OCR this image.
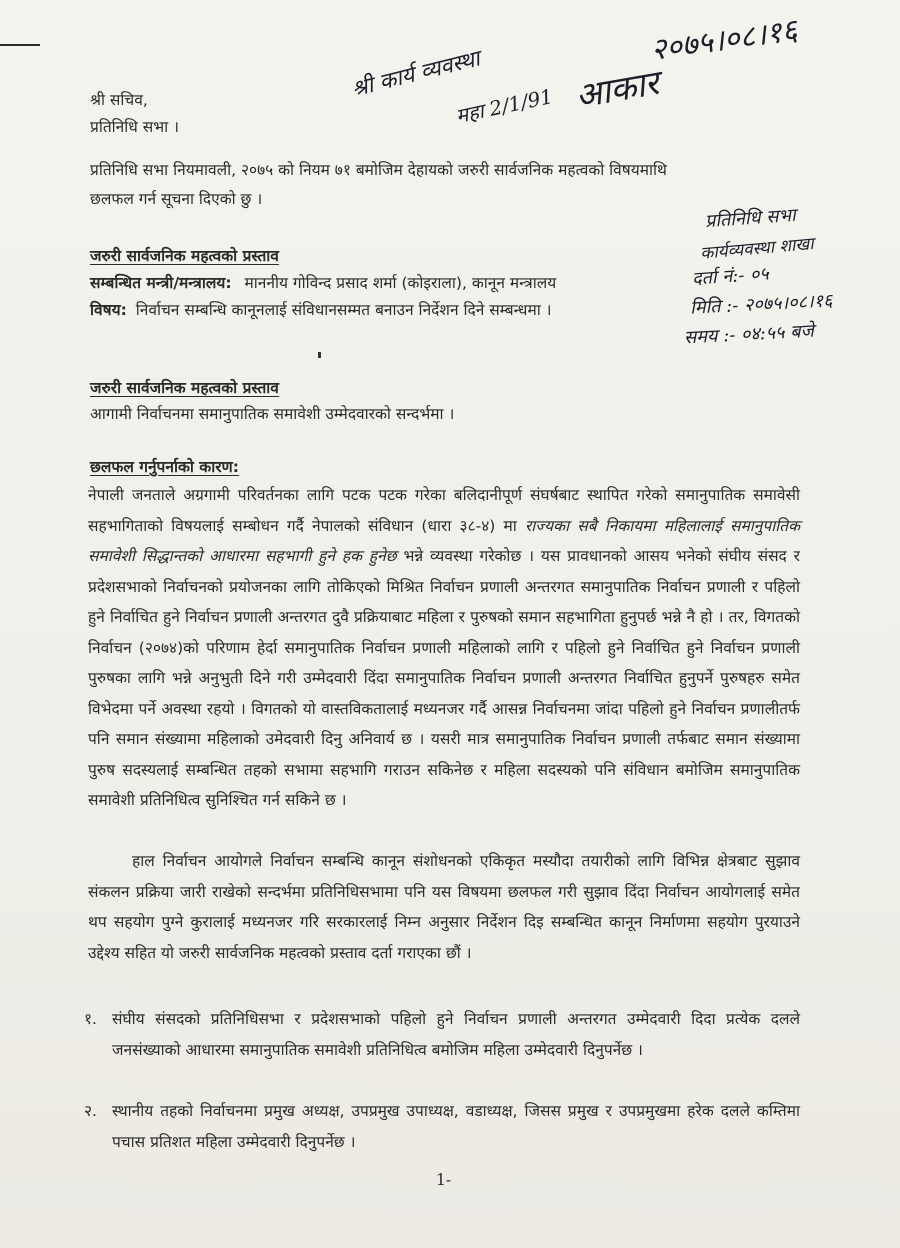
श्री सचिव,
प्रतिनिधि सभा ।
श्री कार्य व्यवस्था
महा 2/1/91 आकार
२०७५।०८।१६
प्रतिनिधि सभा
कार्यव्यवस्था शाखा
दर्ता नं:- ०५
मिति :- २०७५।०८।१६
समय :- ०४:५५ बजे
प्रतिनिधि सभा नियमावली, २०७५ को नियम ७१ बमोजिम देहायको जरुरी सार्वजनिक महत्वको विषयमाथि
छलफल गर्न सूचना दिएको छु ।
जरुरी सार्वजनिक महत्वको प्रस्ताव
सम्बन्धित मन्त्री/मन्त्रालय: माननीय गोविन्द प्रसाद शर्मा (कोइराला), कानून मन्त्रालय
विषय: निर्वाचन सम्बन्धि कानूनलाई संविधानसम्मत बनाउन निर्देशन दिने सम्बन्धमा ।
जरुरी सार्वजनिक महत्वको प्रस्ताव
आगामी निर्वाचनमा समानुपातिक समावेशी उम्मेदवारको सन्दर्भमा ।
छलफल गर्नुपर्नाको कारण:

नेपाली जनताले अग्रगामी परिवर्तनका लागि पटक पटक गरेका बलिदानीपूर्ण संघर्षबाट स्थापित गरेको समानुपातिक समावेसी सहभागिताको विषयलाई सम्बोधन गर्दै नेपालको संविधान (धारा ३८-४) मा राज्यका सबै निकायमा महिलालाई समानुपातिक समावेशी सिद्धान्तको आधारमा सहभागी हुने हक हुनेछ भन्ने व्यवस्था गरेकोछ । यस प्रावधानको आसय भनेको संघीय संसद र प्रदेशसभाको निर्वाचनको प्रयोजनका लागि तोकिएको मिश्रित निर्वाचन प्रणाली अन्तरगत समानुपातिक निर्वाचन प्रणाली र पहिलो हुने निर्वाचित हुने निर्वाचन प्रणाली अन्तरगत दुवै प्रक्रियाबाट महिला र पुरुषको समान सहभागिता हुनुपर्छ भन्ने नै हो । तर, विगतको निर्वाचन (२०७४)को परिणाम हेर्दा समानुपातिक निर्वाचन प्रणाली महिलाको लागि र पहिलो हुने निर्वाचित हुने निर्वाचन प्रणाली पुरुषका लागि भन्ने अनुभुती दिने गरी उम्मेदवारी दिंदा समानुपातिक निर्वाचन प्रणाली अन्तरगत निर्वाचित हुनुपर्ने पुरुषहरु समेत विभेदमा पर्ने अवस्था रहयो । विगतको यो वास्तविकतालाई मध्यनजर गर्दै आसन्न निर्वाचनमा जांदा पहिलो हुने निर्वाचन प्रणालीतर्फ पनि समान संख्यामा महिलाको उमेदवारी दिनु अनिवार्य छ । यसरी मात्र समानुपातिक निर्वाचन प्रणाली तर्फबाट समान संख्यामा पुरुष सदस्यलाई सम्बन्धित तहको सभामा सहभागि गराउन सकिनेछ र महिला सदस्यको पनि संविधान बमोजिम समानुपातिक समावेशी प्रतिनिधित्व सुनिश्चित गर्न सकिने छ ।

हाल निर्वाचन आयोगले निर्वाचन सम्बन्धि कानून संशोधनको एकिकृत मस्यौदा तयारीको लागि विभिन्न क्षेत्रबाट सुझाव संकलन प्रक्रिया जारी राखेको सन्दर्भमा प्रतिनिधिसभामा पनि यस विषयमा छलफल गरी सुझाव दिंदा निर्वाचन आयोगलाई समेत थप सहयोग पुग्ने कुरालाई मध्यनजर गरि सरकारलाई निम्न अनुसार निर्देशन दिइ सम्बन्धित कानून निर्माणमा सहयोग पुरयाउने उद्देश्य सहित यो जरुरी सार्वजनिक महत्वको प्रस्ताव दर्ता गराएका छौं ।

१. संघीय संसदको प्रतिनिधिसभा र प्रदेशसभाको पहिलो हुने निर्वाचन प्रणाली अन्तरगत उम्मेदवारी दिदा प्रत्येक दलले जनसंख्याको आधारमा समानुपातिक समावेशी प्रतिनिधित्व बमोजिम महिला उम्मेदवारी दिनुपर्नेछ ।
२. स्थानीय तहको निर्वाचनमा प्रमुख अध्यक्ष, उपप्रमुख उपाध्यक्ष, वडाध्यक्ष, जिसस प्रमुख र उपप्रमुखमा हरेक दलले कम्तिमा पचास प्रतिशत महिला उम्मेदवारी दिनुपर्नेछ ।
1-
